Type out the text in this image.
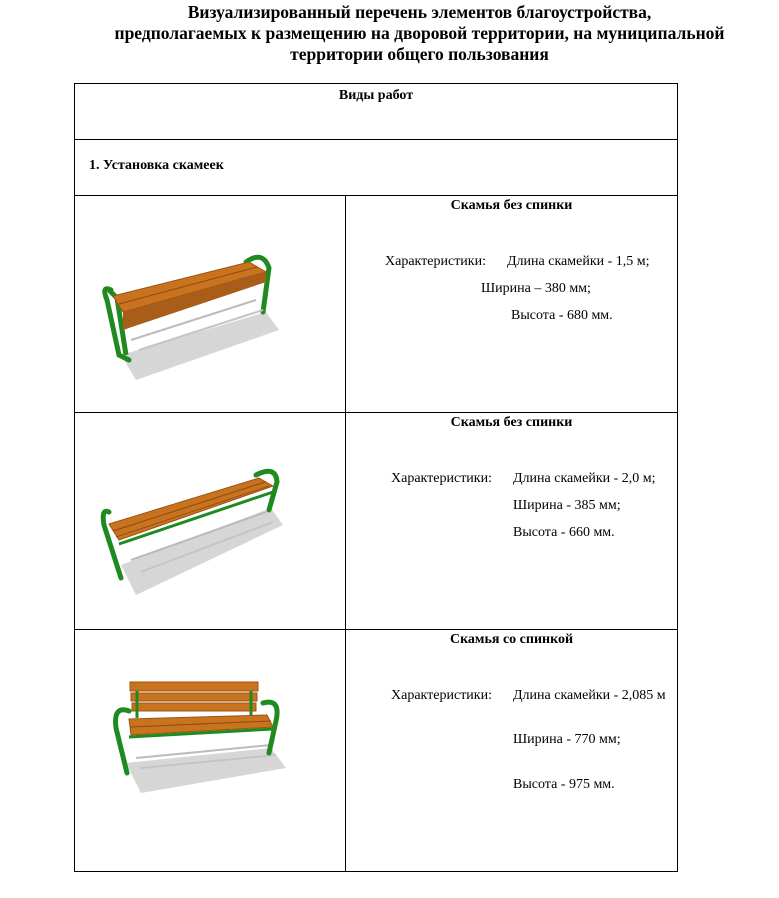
Визуализированный перечень элементов благоустройства,
предполагаемых к размещению на дворовой территории, на муниципальной
территории общего пользования
Виды работ	
1. Установка скамеек	

Скамья без спинки
Характеристики: Длина скамейки - 1,5 м;
Ширина – 380 мм;
Высота - 680 мм.

Скамья без спинки
Характеристики: Длина скамейки - 2,0 м;
Ширина - 385 мм;
Высота - 660 мм.

Скамья со спинкой
Характеристики: Длина скамейки - 2,085 м
Ширина - 770 мм;
Высота - 975 мм.
